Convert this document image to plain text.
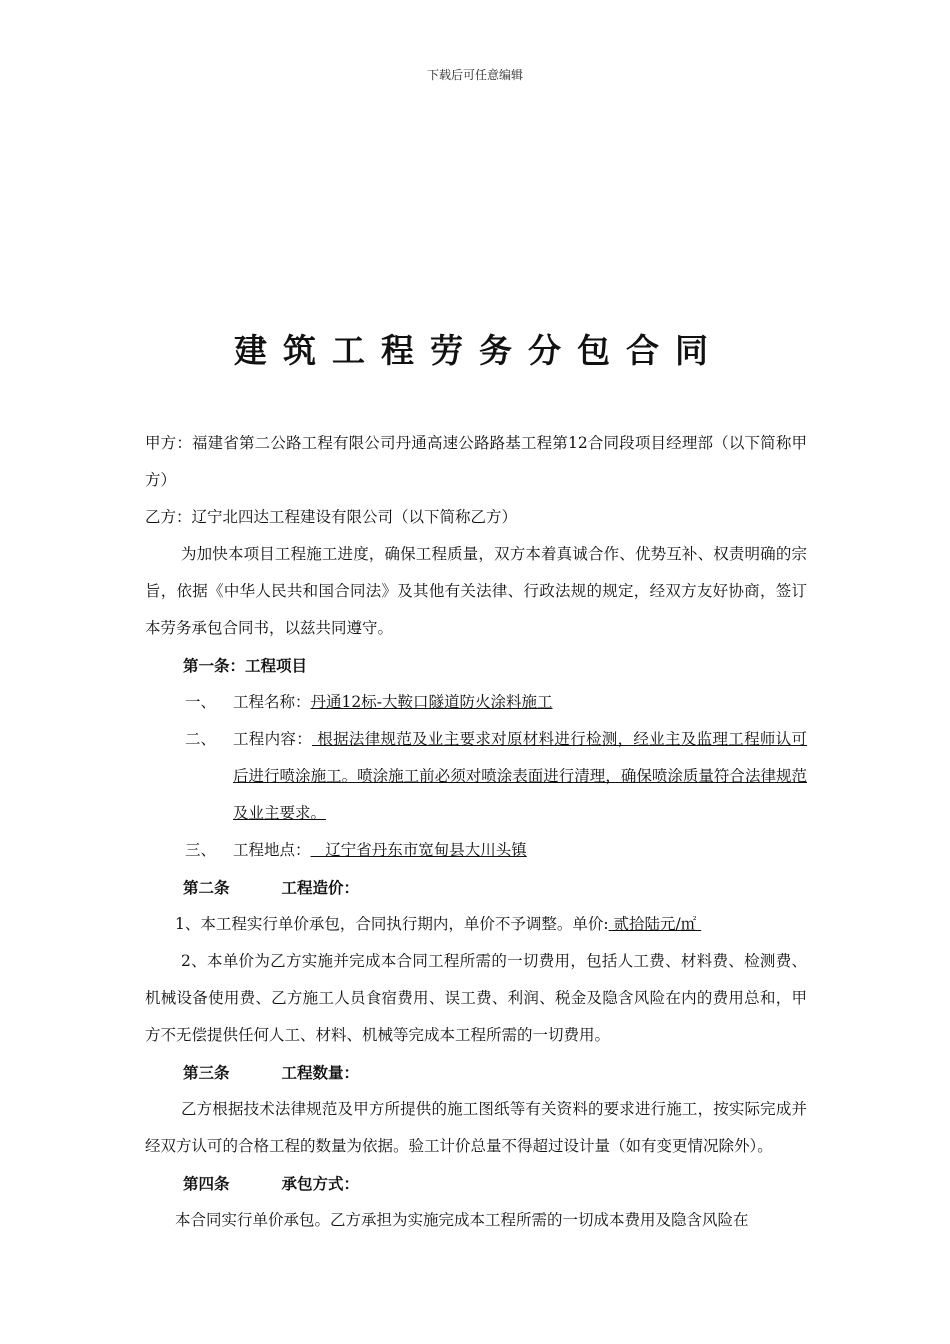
下载后可任意编辑
建筑工程劳务分包合同

甲方：福建省第二公路工程有限公司丹通高速公路路基工程第12合同段项目经理部（以下简称甲方）

乙方：辽宁北四达工程建设有限公司（以下简称乙方）

为加快本项目工程施工进度，确保工程质量，双方本着真诚合作、优势互补、权责明确的宗旨，依据《中华人民共和国合同法》及其他有关法律、行政法规的规定，经双方友好协商，签订本劳务承包合同书，以兹共同遵守。

第一条：工程项目

一、	工程名称： 丹通12标-大鞍口隧道防火涂料施工
二、	工程内容： 根据法律规范及业主要求对原材料进行检测，经业主及监理工程师认可后进行喷涂施工。喷涂施工前必须对喷涂表面进行清理，确保喷涂质量符合法律规范及业主要求。
三、	工程地点： 辽宁省丹东市宽甸县大川头镇

第二条	工程造价：

1、本工程实行单价承包，合同执行期内，单价不予调整。单价: 贰拾陆元/㎡

2、本单价为乙方实施并完成本合同工程所需的一切费用，包括人工费、材料费、检测费、机械设备使用费、乙方施工人员食宿费用、误工费、利润、税金及隐含风险在内的费用总和，甲方不无偿提供任何人工、材料、机械等完成本工程所需的一切费用。

第三条	工程数量：

乙方根据技术法律规范及甲方所提供的施工图纸等有关资料的要求进行施工，按实际完成并经双方认可的合格工程的数量为依据。验工计价总量不得超过设计量（如有变更情况除外）。

第四条	承包方式：

本合同实行单价承包。乙方承担为实施完成本工程所需的一切成本费用及隐含风险在
